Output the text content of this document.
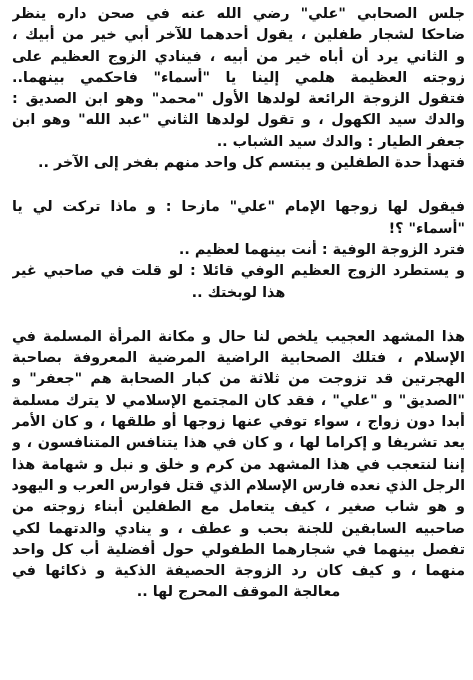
جلس الصحابي "علي" رضي الله عنه في صحن داره ينظر
ضاحكا لشجار طفلين ، يقول أحدهما للآخر أبي خير من أبيك ،
و الثاني يرد أن أباه خير من أبيه ، فينادي الزوج العظيم على
زوجته العظيمة هلمي إلينا يا "أسماء" فاحكمي بينهما..
فتقول الزوجة الرائعة لولدها الأول "محمد" وهو ابن الصديق :
والدك سيد الكهول ، و تقول لولدها الثاني "عبد الله" وهو ابن
جعفر الطيار : والدك سيد الشباب ..
فتهدأ حدة الطفلين و يبتسم كل واحد منهم بفخر إلى الآخر ..
فيقول لها زوجها الإمام "علي" مازحا : و ماذا تركت لي يا
"أسماء" ؟!
فترد الزوجة الوفية : أنت بينهما لعظيم ..
و يستطرد الزوج العظيم الوفي قائلا : لو قلت في صاحبي غير
هذا لوبختك ..
هذا المشهد العجيب يلخص لنا حال و مكانة المرأة المسلمة في
الإسلام ، فتلك الصحابية الراضية المرضية المعروفة بصاحبة
الهجرتين قد تزوجت من ثلاثة من كبار الصحابة هم "جعفر" و
"الصديق" و "علي" ، فقد كان المجتمع الإسلامي لا يترك مسلمة
أبدا دون زواج ، سواء توفي عنها زوجها أو طلقها ، و كان الأمر
يعد تشريفا و إكراما لها ، و كان في هذا يتنافس المتنافسون ، و
إننا لنتعجب في هذا المشهد من كرم و خلق و نبل و شهامة هذا
الرجل الذي نعده فارس الإسلام الذي قتل فوارس العرب و اليهود
و هو شاب صغير ، كيف يتعامل مع الطفلين أبناء زوجته من
صاحبيه السابقين للجنة بحب و عطف ، و ينادي والدتهما لكي
تفصل بينهما في شجارهما الطفولي حول أفضلية أب كل واحد
منهما ، و كيف كان رد الزوجة الحصيفة الذكية و ذكائها في
معالجة الموقف المحرج لها ..
